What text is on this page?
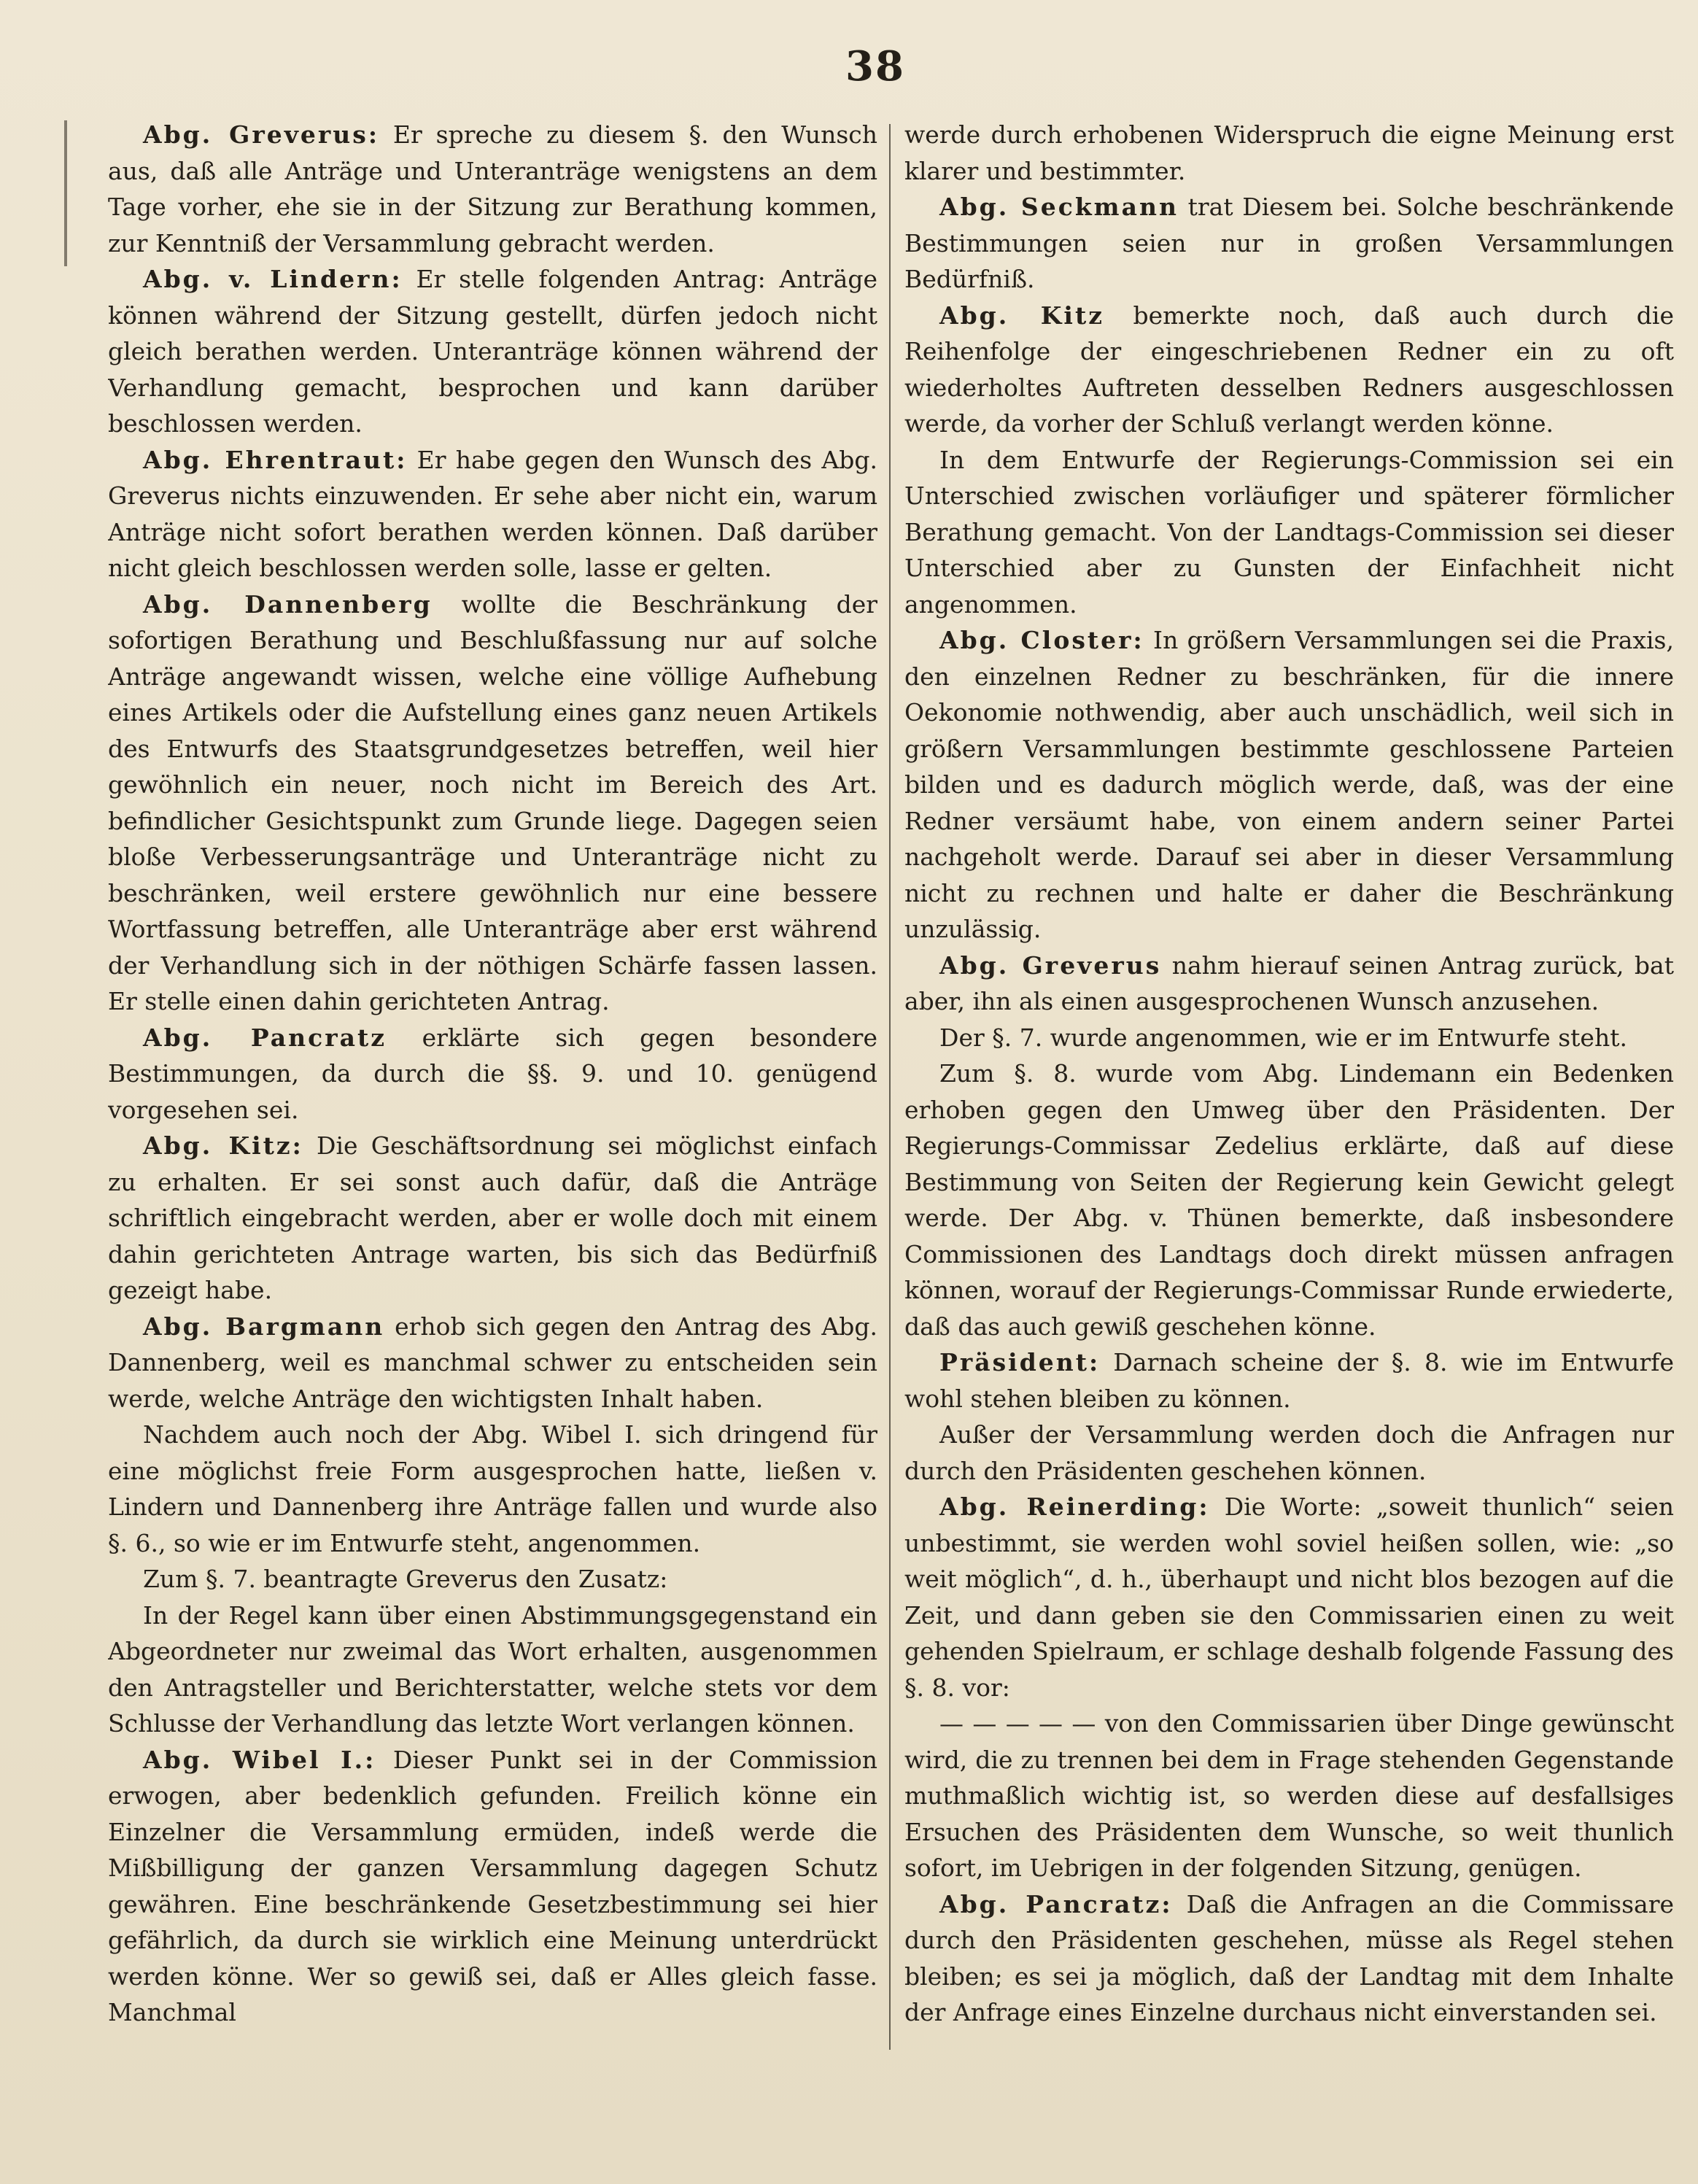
38

Abg. Greverus: Er spreche zu diesem §. den Wunsch aus, daß alle Anträge und Unteranträge wenigstens an dem Tage vorher, ehe sie in der Sitzung zur Berathung kommen, zur Kenntniß der Versammlung gebracht werden.

Abg. v. Lindern: Er stelle folgenden Antrag: Anträge können während der Sitzung gestellt, dürfen jedoch nicht gleich berathen werden. Unteranträge können während der Verhandlung gemacht, besprochen und kann darüber beschlossen werden.

Abg. Ehrentraut: Er habe gegen den Wunsch des Abg. Greverus nichts einzuwenden. Er sehe aber nicht ein, warum Anträge nicht sofort berathen werden können. Daß darüber nicht gleich beschlossen werden solle, lasse er gelten.

Abg. Dannenberg wollte die Beschränkung der sofortigen Berathung und Beschlußfassung nur auf solche Anträge angewandt wissen, welche eine völlige Aufhebung eines Artikels oder die Aufstellung eines ganz neuen Artikels des Entwurfs des Staatsgrundgesetzes betreffen, weil hier gewöhnlich ein neuer, noch nicht im Bereich des Art. befindlicher Gesichtspunkt zum Grunde liege. Dagegen seien bloße Verbesserungsanträge und Unteranträge nicht zu beschränken, weil erstere gewöhnlich nur eine bessere Wortfassung betreffen, alle Unteranträge aber erst während der Verhandlung sich in der nöthigen Schärfe fassen lassen. Er stelle einen dahin gerichteten Antrag.

Abg. Pancratz erklärte sich gegen besondere Bestimmungen, da durch die §§. 9. und 10. genügend vorgesehen sei.

Abg. Kitz: Die Geschäftsordnung sei möglichst einfach zu erhalten. Er sei sonst auch dafür, daß die Anträge schriftlich eingebracht werden, aber er wolle doch mit einem dahin gerichteten Antrage warten, bis sich das Bedürfniß gezeigt habe.

Abg. Bargmann erhob sich gegen den Antrag des Abg. Dannenberg, weil es manchmal schwer zu entscheiden sein werde, welche Anträge den wichtigsten Inhalt haben.

Nachdem auch noch der Abg. Wibel I. sich dringend für eine möglichst freie Form ausgesprochen hatte, ließen v. Lindern und Dannenberg ihre Anträge fallen und wurde also §. 6., so wie er im Entwurfe steht, angenommen.

Zum §. 7. beantragte Greverus den Zusatz:

In der Regel kann über einen Abstimmungsgegenstand ein Abgeordneter nur zweimal das Wort erhalten, ausgenommen den Antragsteller und Berichterstatter, welche stets vor dem Schlusse der Verhandlung das letzte Wort verlangen können.

Abg. Wibel I.: Dieser Punkt sei in der Commission erwogen, aber bedenklich gefunden. Freilich könne ein Einzelner die Versammlung ermüden, indeß werde die Mißbilligung der ganzen Versammlung dagegen Schutz gewähren. Eine beschränkende Gesetzbestimmung sei hier gefährlich, da durch sie wirklich eine Meinung unterdrückt werden könne. Wer so gewiß sei, daß er Alles gleich fasse. Manchmal

werde durch erhobenen Widerspruch die eigne Meinung erst klarer und bestimmter.

Abg. Seckmann trat Diesem bei. Solche beschränkende Bestimmungen seien nur in großen Versammlungen Bedürfniß.

Abg. Kitz bemerkte noch, daß auch durch die Reihenfolge der eingeschriebenen Redner ein zu oft wiederholtes Auftreten desselben Redners ausgeschlossen werde, da vorher der Schluß verlangt werden könne.

In dem Entwurfe der Regierungs-Commission sei ein Unterschied zwischen vorläufiger und späterer förmlicher Berathung gemacht. Von der Landtags-Commission sei dieser Unterschied aber zu Gunsten der Einfachheit nicht angenommen.

Abg. Closter: In größern Versammlungen sei die Praxis, den einzelnen Redner zu beschränken, für die innere Oekonomie nothwendig, aber auch unschädlich, weil sich in größern Versammlungen bestimmte geschlossene Parteien bilden und es dadurch möglich werde, daß, was der eine Redner versäumt habe, von einem andern seiner Partei nachgeholt werde. Darauf sei aber in dieser Versammlung nicht zu rechnen und halte er daher die Beschränkung unzulässig.

Abg. Greverus nahm hierauf seinen Antrag zurück, bat aber, ihn als einen ausgesprochenen Wunsch anzusehen.

Der §. 7. wurde angenommen, wie er im Entwurfe steht.

Zum §. 8. wurde vom Abg. Lindemann ein Bedenken erhoben gegen den Umweg über den Präsidenten. Der Regierungs-Commissar Zedelius erklärte, daß auf diese Bestimmung von Seiten der Regierung kein Gewicht gelegt werde. Der Abg. v. Thünen bemerkte, daß insbesondere Commissionen des Landtags doch direkt müssen anfragen können, worauf der Regierungs-Commissar Runde erwiederte, daß das auch gewiß geschehen könne.

Präsident: Darnach scheine der §. 8. wie im Entwurfe wohl stehen bleiben zu können.

Außer der Versammlung werden doch die Anfragen nur durch den Präsidenten geschehen können.

Abg. Reinerding: Die Worte: „soweit thunlich“ seien unbestimmt, sie werden wohl soviel heißen sollen, wie: „so weit möglich“, d. h., überhaupt und nicht blos bezogen auf die Zeit, und dann geben sie den Commissarien einen zu weit gehenden Spielraum, er schlage deshalb folgende Fassung des §. 8. vor:

— — — — — von den Commissarien über Dinge gewünscht wird, die zu trennen bei dem in Frage stehenden Gegenstande muthmaßlich wichtig ist, so werden diese auf desfallsiges Ersuchen des Präsidenten dem Wunsche, so weit thunlich sofort, im Uebrigen in der folgenden Sitzung, genügen.

Abg. Pancratz: Daß die Anfragen an die Commissare durch den Präsidenten geschehen, müsse als Regel stehen bleiben; es sei ja möglich, daß der Landtag mit dem Inhalte der Anfrage eines Einzelne durchaus nicht einverstanden sei.
